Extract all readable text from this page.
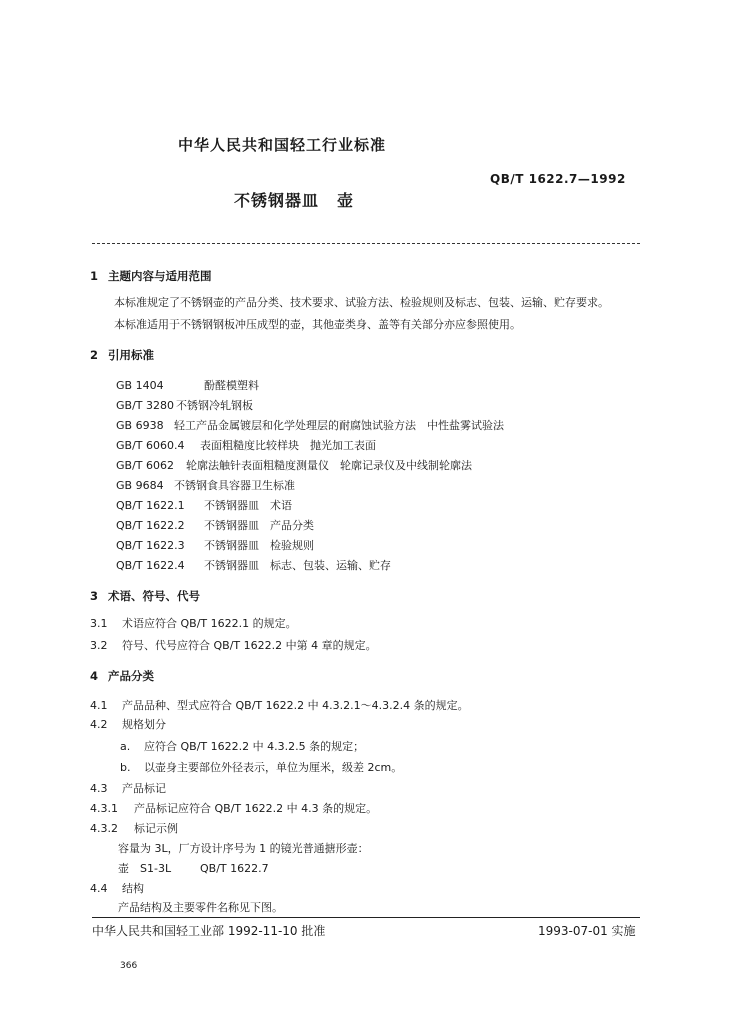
中华人民共和国轻工行业标准
QB/T 1622.7—1992
不锈钢器皿 壶
1 主题内容与适用范围
本标准规定了不锈钢壶的产品分类、技术要求、试验方法、检验规则及标志、包装、运输、贮存要求。
本标准适用于不锈钢钢板冲压成型的壶，其他壶类身、盖等有关部分亦应参照使用。
2 引用标准
GB 1404	酚醛模塑料
GB/T 3280 不锈钢冷轧钢板
GB 6938 轻工产品金属镀层和化学处理层的耐腐蚀试验方法　中性盐雾试验法
GB/T 6060.4 表面粗糙度比较样块　抛光加工表面
GB/T 6062 轮廓法触针表面粗糙度测量仪　轮廓记录仪及中线制轮廓法
GB 9684 不锈钢食具容器卫生标准
QB/T 1622.1 不锈钢器皿　术语
QB/T 1622.2 不锈钢器皿　产品分类
QB/T 1622.3 不锈钢器皿　检验规则
QB/T 1622.4 不锈钢器皿　标志、包装、运输、贮存
3 术语、符号、代号
3.1 术语应符合 QB/T 1622.1 的规定。
3.2 符号、代号应符合 QB/T 1622.2 中第 4 章的规定。
4 产品分类
4.1 产品品种、型式应符合 QB/T 1622.2 中 4.3.2.1～4.3.2.4 条的规定。
4.2 规格划分
a. 应符合 QB/T 1622.2 中 4.3.2.5 条的规定；
b. 以壶身主要部位外径表示，单位为厘米，级差 2cm。
4.3 产品标记
4.3.1 产品标记应符合 QB/T 1622.2 中 4.3 条的规定。
4.3.2 标记示例
容量为 3L，厂方设计序号为 1 的镜光普通搪形壶：
壶　S1-3L	QB/T 1622.7
4.4 结构
产品结构及主要零件名称见下图。
中华人民共和国轻工业部 1992-11-10 批准	1993-07-01 实施
366
